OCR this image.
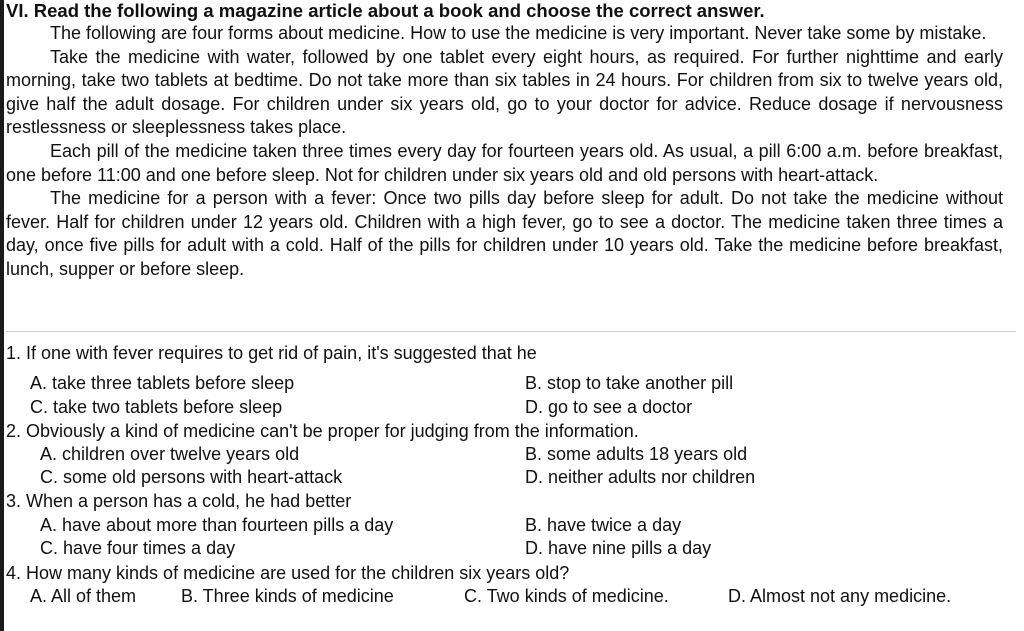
VI. Read the following a magazine article about a book and choose the correct answer.

The following are four forms about medicine. How to use the medicine is very important. Never take some by mistake.

Take the medicine with water, followed by one tablet every eight hours, as required. For further nighttime and early morning, take two tablets at bedtime. Do not take more than six tables in 24 hours. For children from six to twelve years old, give half the adult dosage. For children under six years old, go to your doctor for advice. Reduce dosage if nervousness restlessness or sleeplessness takes place.

Each pill of the medicine taken three times every day for fourteen years old. As usual, a pill 6:00 a.m. before breakfast, one before 11:00 and one before sleep. Not for children under six years old and old persons with heart-attack.

The medicine for a person with a fever: Once two pills day before sleep for adult. Do not take the medicine without fever. Half for children under 12 years old. Children with a high fever, go to see a doctor. The medicine taken three times a day, once five pills for adult with a cold. Half of the pills for children under 10 years old. Take the medicine before breakfast, lunch, supper or before sleep.

1. If one with fever requires to get rid of pain, it's suggested that he
A. take three tablets before sleep	B. stop to take another pill
C. take two tablets before sleep	D. go to see a doctor
2. Obviously a kind of medicine can't be proper for judging from the information.
A. children over twelve years old	B. some adults 18 years old
C. some old persons with heart-attack	D. neither adults nor children
3. When a person has a cold, he had better
A. have about more than fourteen pills a day	B. have twice a day
C. have four times a day	D. have nine pills a day
4. How many kinds of medicine are used for the children six years old?
A. All of them B. Three kinds of medicine	C. Two kinds of medicine.	D. Almost not any medicine.
